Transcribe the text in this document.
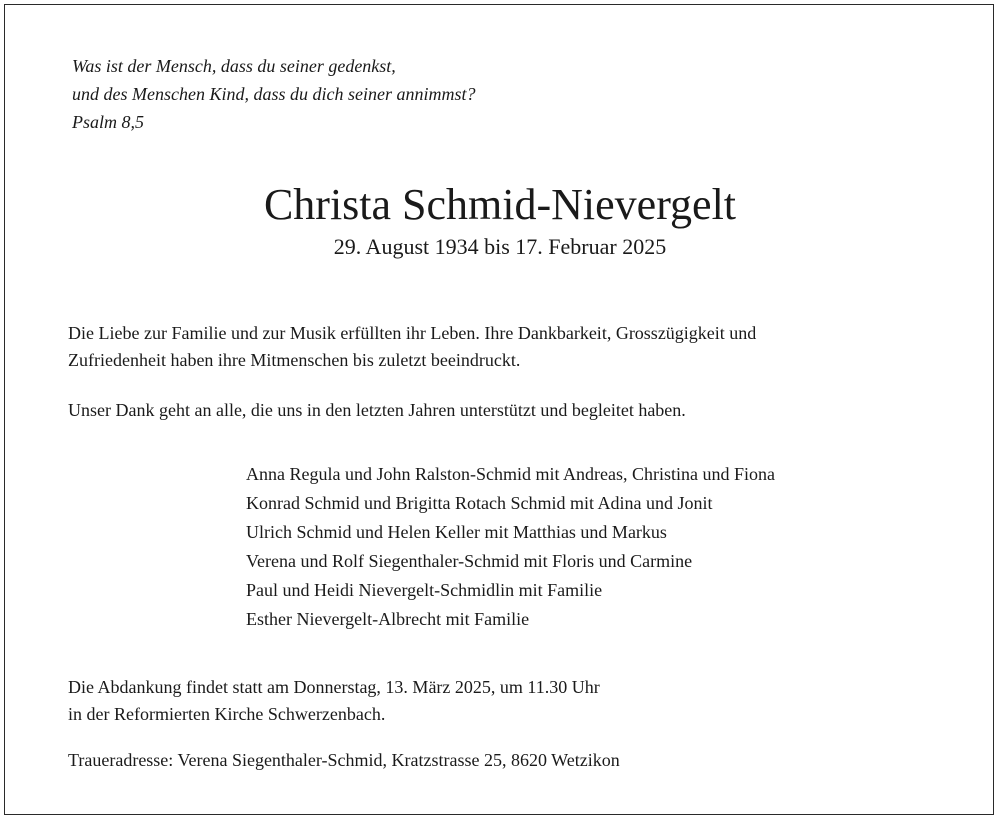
Was ist der Mensch, dass du seiner gedenkst,
und des Menschen Kind, dass du dich seiner annimmst?
Psalm 8,5
Christa Schmid-Nievergelt
29. August 1934 bis 17. Februar 2025
Die Liebe zur Familie und zur Musik erfüllten ihr Leben. Ihre Dankbarkeit, Grosszügigkeit und
Zufriedenheit haben ihre Mitmenschen bis zuletzt beeindruckt.
Unser Dank geht an alle, die uns in den letzten Jahren unterstützt und begleitet haben.
Anna Regula und John Ralston-Schmid mit Andreas, Christina und Fiona
Konrad Schmid und Brigitta Rotach Schmid mit Adina und Jonit
Ulrich Schmid und Helen Keller mit Matthias und Markus
Verena und Rolf Siegenthaler-Schmid mit Floris und Carmine
Paul und Heidi Nievergelt-Schmidlin mit Familie
Esther Nievergelt-Albrecht mit Familie
Die Abdankung findet statt am Donnerstag, 13. März 2025, um 11.30 Uhr
in der Reformierten Kirche Schwerzenbach.
Traueradresse: Verena Siegenthaler-Schmid, Kratzstrasse 25, 8620 Wetzikon
